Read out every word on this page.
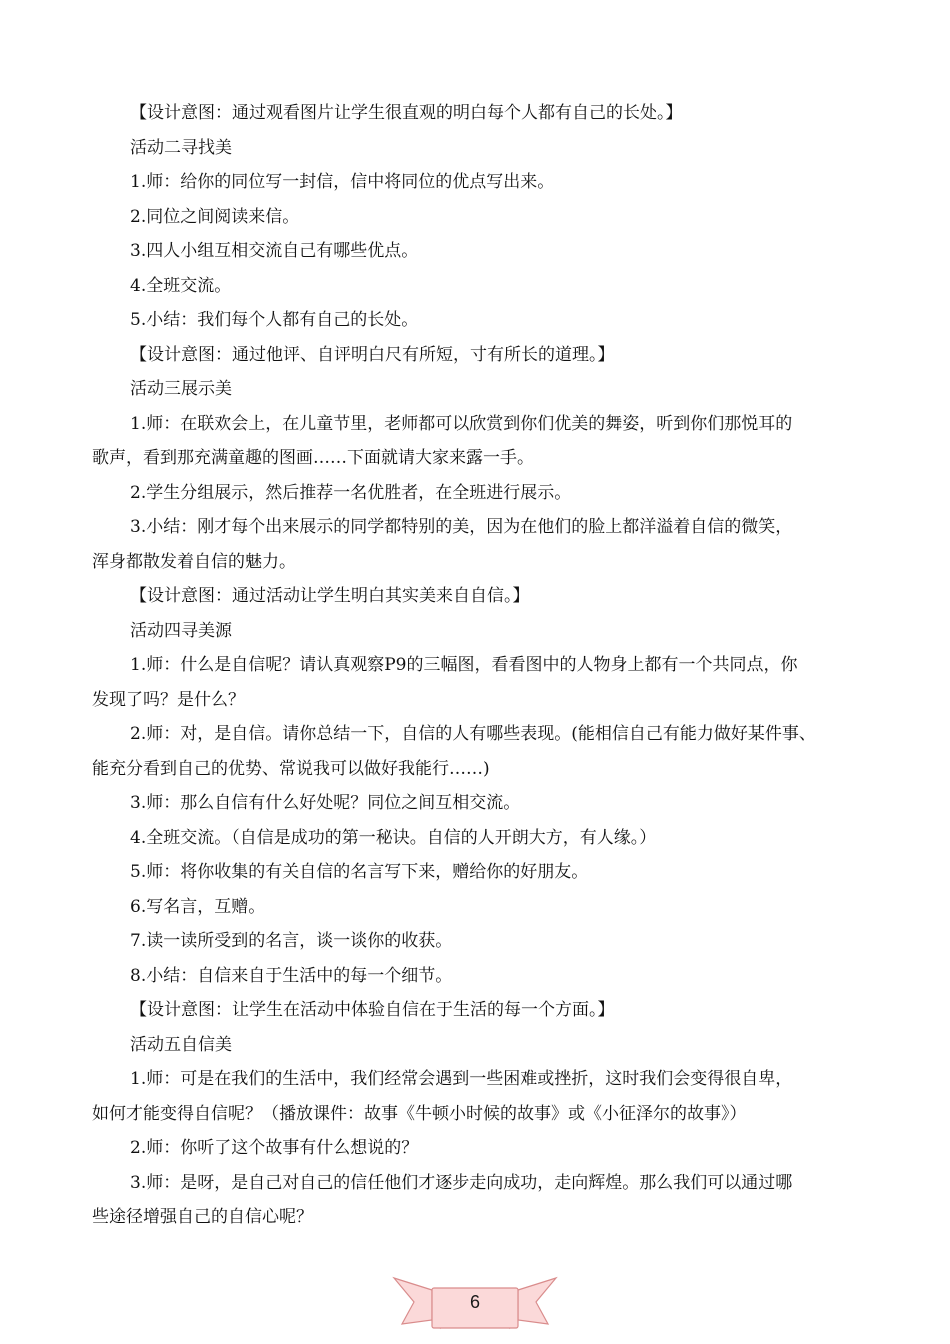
【设计意图：通过观看图片让学生很直观的明白每个人都有自己的长处。】
活动二寻找美
1.师：给你的同位写一封信，信中将同位的优点写出来。
2.同位之间阅读来信。
3.四人小组互相交流自己有哪些优点。
4.全班交流。
5.小结：我们每个人都有自己的长处。
【设计意图：通过他评、自评明白尺有所短，寸有所长的道理。】
活动三展示美
1.师：在联欢会上，在儿童节里，老师都可以欣赏到你们优美的舞姿，听到你们那悦耳的
歌声，看到那充满童趣的图画……下面就请大家来露一手。
2.学生分组展示，然后推荐一名优胜者，在全班进行展示。
3.小结：刚才每个出来展示的同学都特别的美，因为在他们的脸上都洋溢着自信的微笑，
浑身都散发着自信的魅力。
【设计意图：通过活动让学生明白其实美来自自信。】
活动四寻美源
1.师：什么是自信呢？请认真观察P9的三幅图，看看图中的人物身上都有一个共同点，你
发现了吗？是什么？
2.师：对，是自信。请你总结一下，自信的人有哪些表现。(能相信自己有能力做好某件事、
能充分看到自己的优势、常说我可以做好我能行……)
3.师：那么自信有什么好处呢？同位之间互相交流。
4.全班交流。（自信是成功的第一秘诀。自信的人开朗大方，有人缘。）
5.师：将你收集的有关自信的名言写下来，赠给你的好朋友。
6.写名言，互赠。
7.读一读所受到的名言，谈一谈你的收获。
8.小结：自信来自于生活中的每一个细节。
【设计意图：让学生在活动中体验自信在于生活的每一个方面。】
活动五自信美
1.师：可是在我们的生活中，我们经常会遇到一些困难或挫折，这时我们会变得很自卑，
如何才能变得自信呢？（播放课件：故事《牛顿小时候的故事》或《小征泽尔的故事》）
2.师：你听了这个故事有什么想说的？
3.师：是呀，是自己对自己的信任他们才逐步走向成功，走向辉煌。那么我们可以通过哪
些途径增强自己的自信心呢？
6
